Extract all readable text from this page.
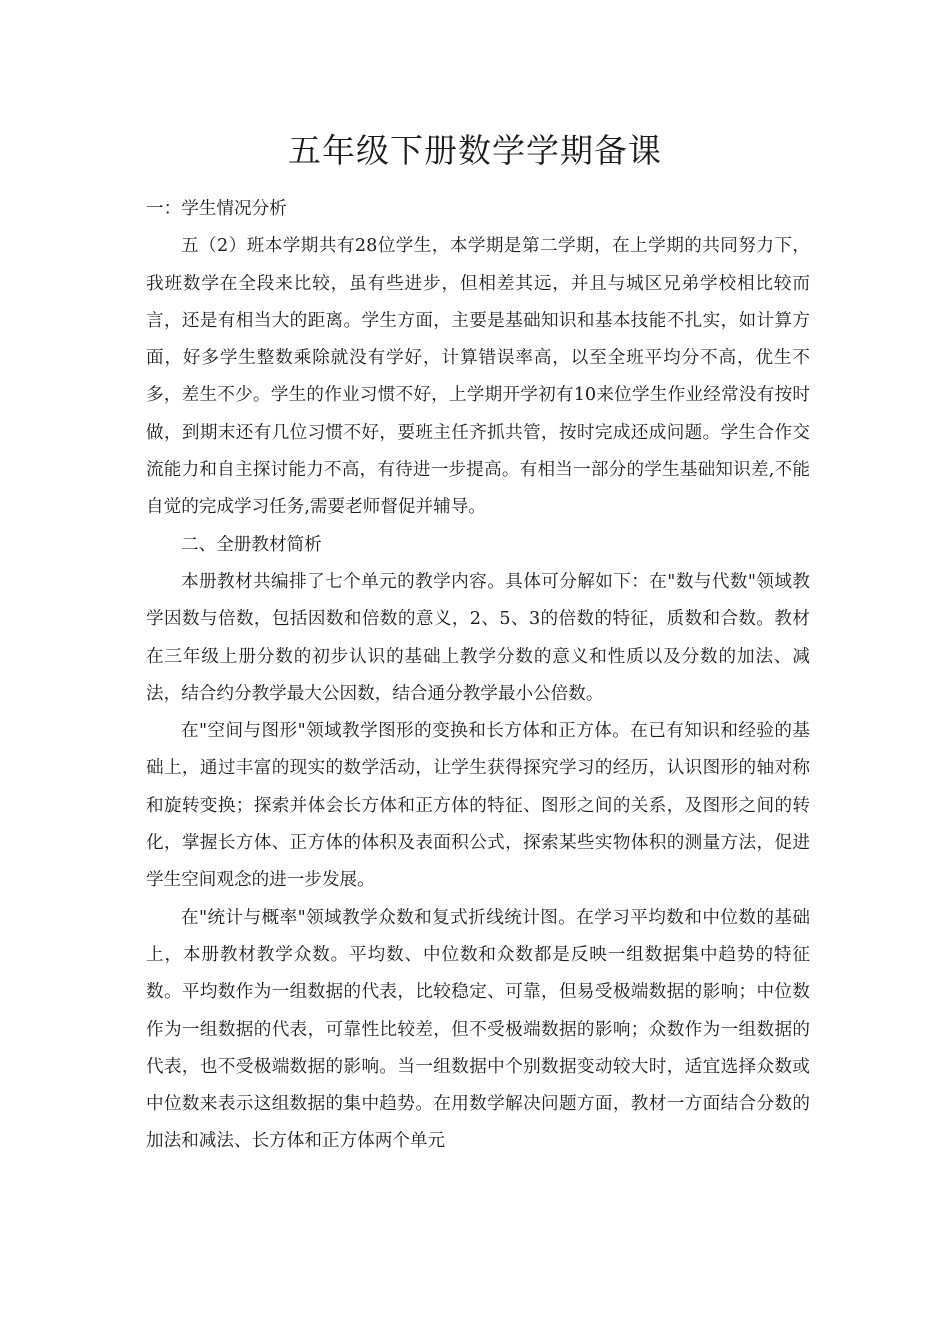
五年级下册数学学期备课

一：学生情况分析

五（2）班本学期共有28位学生，本学期是第二学期，在上学期的共同努力下，我班数学在全段来比较，虽有些进步，但相差其远，并且与城区兄弟学校相比较而言，还是有相当大的距离。学生方面，主要是基础知识和基本技能不扎实，如计算方面，好多学生整数乘除就没有学好，计算错误率高，以至全班平均分不高，优生不多，差生不少。学生的作业习惯不好，上学期开学初有10来位学生作业经常没有按时做，到期末还有几位习惯不好，要班主任齐抓共管，按时完成还成问题。学生合作交流能力和自主探讨能力不高，有待进一步提高。有相当一部分的学生基础知识差,不能自觉的完成学习任务,需要老师督促并辅导。

二、全册教材简析

本册教材共编排了七个单元的教学内容。具体可分解如下：在"数与代数"领域教学因数与倍数，包括因数和倍数的意义，2、5、3的倍数的特征，质数和合数。教材在三年级上册分数的初步认识的基础上教学分数的意义和性质以及分数的加法、减法，结合约分教学最大公因数，结合通分教学最小公倍数。

在"空间与图形"领域教学图形的变换和长方体和正方体。在已有知识和经验的基础上，通过丰富的现实的数学活动，让学生获得探究学习的经历，认识图形的轴对称和旋转变换；探索并体会长方体和正方体的特征、图形之间的关系，及图形之间的转化，掌握长方体、正方体的体积及表面积公式，探索某些实物体积的测量方法，促进学生空间观念的进一步发展。

在"统计与概率"领域教学众数和复式折线统计图。在学习平均数和中位数的基础上，本册教材教学众数。平均数、中位数和众数都是反映一组数据集中趋势的特征数。平均数作为一组数据的代表，比较稳定、可靠，但易受极端数据的影响；中位数作为一组数据的代表，可靠性比较差，但不受极端数据的影响；众数作为一组数据的代表，也不受极端数据的影响。当一组数据中个别数据变动较大时，适宜选择众数或中位数来表示这组数据的集中趋势。在用数学解决问题方面，教材一方面结合分数的加法和减法、长方体和正方体两个单元
